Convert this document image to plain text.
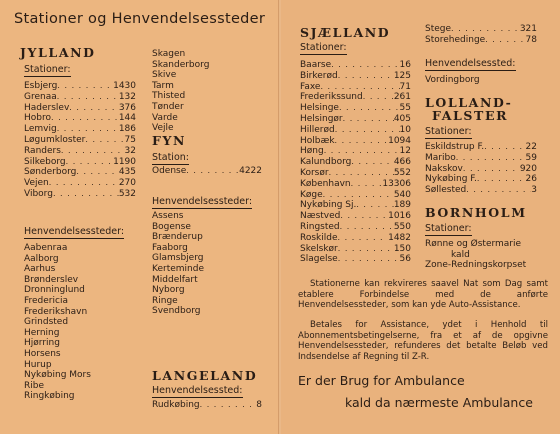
Stationer og Henvendelsessteder
JYLLAND
Stationer:
Esbjerg . . .	1430
Grenaa . . .	132
Haderslev . . .	376
Hobro . . .	144
Lemvig . . .	186
Løgumkloster . . .	75
Randers . . .	32
Silkeborg . . .	1190
Sønderborg . . .	435
Vejen . . .	270
Viborg . . .	532
Henvendelsessteder:
Aabenraa
Aalborg
Aarhus
Brønderslev
Dronninglund
Fredericia
Frederikshavn
Grindsted
Herning
Hjørring
Horsens
Hurup
Nykøbing Mors
Ribe
Ringkøbing
Skagen
Skanderborg
Skive
Tarm
Thisted
Tønder
Varde
Vejle
FYN
Station:
Odense . . .	4222
Henvendelsessteder:
Assens
Bogense
Brænderup
Faaborg
Glamsbjerg
Kerteminde
Middelfart
Nyborg
Ringe
Svendborg
LANGELAND
Henvendelsessted:
Rudkøbing . . .	8
SJÆLLAND
Stationer:
Baarse . . .	16
Birkerød . . .	125
Faxe . . .	71
Frederikssund . . .	261
Helsinge . . .	55
Helsingør . . .	405
Hillerød . . .	10
Holbæk . . .	1094
Høng . . .	12
Kalundborg . . .	466
Korsør . . .	552
København . . .	13306
Køge . . .	540
Nykøbing Sj. . . .	189
Næstved . . .	1016
Ringsted . . .	550
Roskilde . . .	1482
Skelskør . . .	150
Slagelse . . .	56
Stege . . .	321
Storehedinge . . .	78
Henvendelsessted:
Vordingborg
LOLLAND-
FALSTER
Stationer:
Eskildstrup F. . . .	22
Maribo . . .	59
Nakskov . . .	920
Nykøbing F. . . .	26
Søllested . . .	3
BORNHOLM
Stationer:
Rønne og Østermarie
kald
Zone-Redningskorpset
Stationerne kan rekvireres saavel Nat som Dag samt etablere Forbindelse med de anførte Henvendelsessteder, som kan yde Auto-Assistance.
Betales for Assistance, ydet i Henhold til Abonnementsbetingelserne, fra et af de opgivne Henvendelsessteder, refunderes det betalte Beløb ved Indsendelse af Regning til Z-R.
Er der Brug for Ambulance
kald da nærmeste Ambulance
